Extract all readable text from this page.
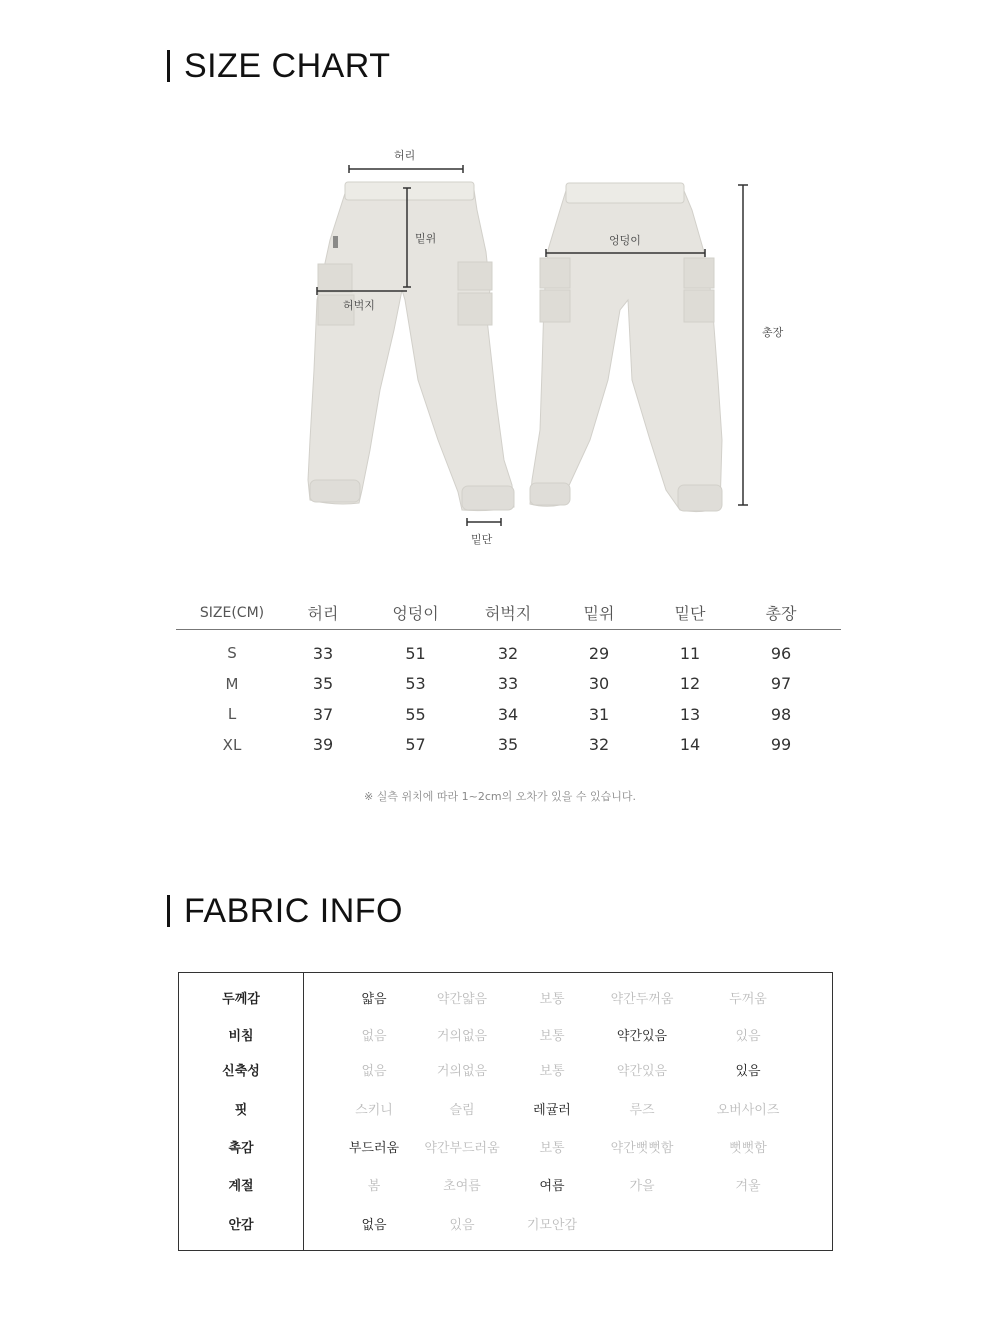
SIZE CHART
허리
밑위
허벅지
엉덩이
밑단
총장
SIZE(CM)	허리	엉덩이	허벅지	밑위	밑단	총장
S	33	51	32	29	11	96
M	35	53	33	30	12	97
L	37	55	34	31	13	98
XL	39	57	35	32	14	99
※ 실측 위치에 따라 1~2cm의 오차가 있을 수 있습니다.
FABRIC INFO
두께감	얇음	약간얇음	보통	약간두꺼움	두꺼움
비침	없음	거의없음	보통	약간있음	있음
신축성	없음	거의없음	보통	약간있음	있음
핏	스키니	슬림	레귤러	루즈	오버사이즈
촉감	부드러움	약간부드러움	보통	약간뻣뻣함	뻣뻣함
계절	봄	초여름	여름	가을	겨울
안감	없음	있음	기모안감
